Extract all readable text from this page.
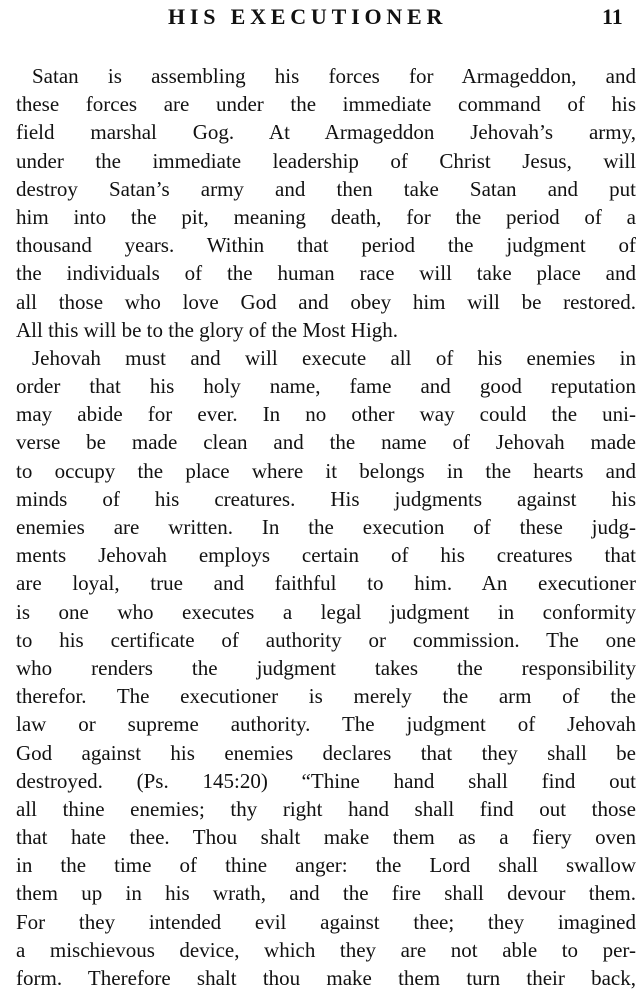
HIS EXECUTIONER	11
Satan is assembling his forces for Armageddon, and
these forces are under the immediate command of his
field marshal Gog. At Armageddon Jehovah’s army,
under the immediate leadership of Christ Jesus, will
destroy Satan’s army and then take Satan and put
him into the pit, meaning death, for the period of a
thousand years. Within that period the judgment of
the individuals of the human race will take place and
all those who love God and obey him will be restored.
All this will be to the glory of the Most High.
Jehovah must and will execute all of his enemies in
order that his holy name, fame and good reputation
may abide for ever. In no other way could the uni-
verse be made clean and the name of Jehovah made
to occupy the place where it belongs in the hearts and
minds of his creatures. His judgments against his
enemies are written. In the execution of these judg-
ments Jehovah employs certain of his creatures that
are loyal, true and faithful to him. An executioner
is one who executes a legal judgment in conformity
to his certificate of authority or commission. The one
who renders the judgment takes the responsibility
therefor. The executioner is merely the arm of the
law or supreme authority. The judgment of Jehovah
God against his enemies declares that they shall be
destroyed. (Ps. 145:20) “Thine hand shall find out
all thine enemies; thy right hand shall find out those
that hate thee. Thou shalt make them as a fiery oven
in the time of thine anger: the Lord shall swallow
them up in his wrath, and the fire shall devour them.
For they intended evil against thee; they imagined
a mischievous device, which they are not able to per-
form. Therefore shalt thou make them turn their back,
